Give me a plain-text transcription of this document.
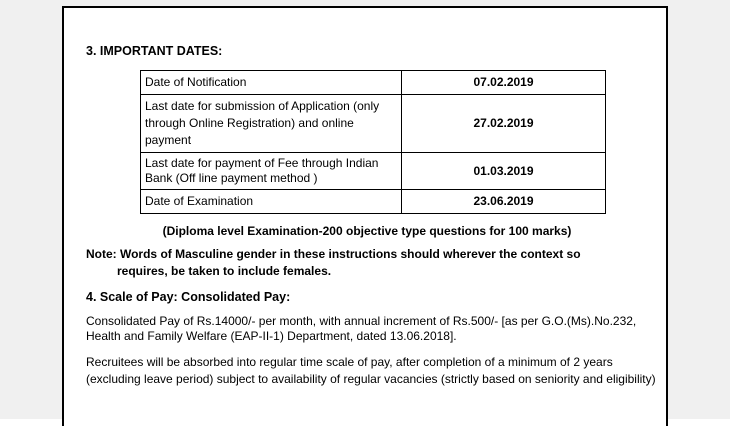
3. IMPORTANT DATES:
Date of Notification	07.02.2019
Last date for submission of Application (only through Online Registration) and online payment	27.02.2019
Last date for payment of Fee through Indian Bank (Off line payment method )	01.03.2019
Date of Examination	23.06.2019
(Diploma level Examination-200 objective type questions for 100 marks)
Note: Words of Masculine gender in these instructions should wherever the context so
requires, be taken to include females.
4. Scale of Pay: Consolidated Pay:
Consolidated Pay of Rs.14000/- per month, with annual increment of Rs.500/- [as per G.O.(Ms).No.232, Health and Family Welfare (EAP-II-1) Department, dated 13.06.2018].
Recruitees will be absorbed into regular time scale of pay, after completion of a minimum of 2 years (excluding leave period) subject to availability of regular vacancies (strictly based on seniority and eligibility)
